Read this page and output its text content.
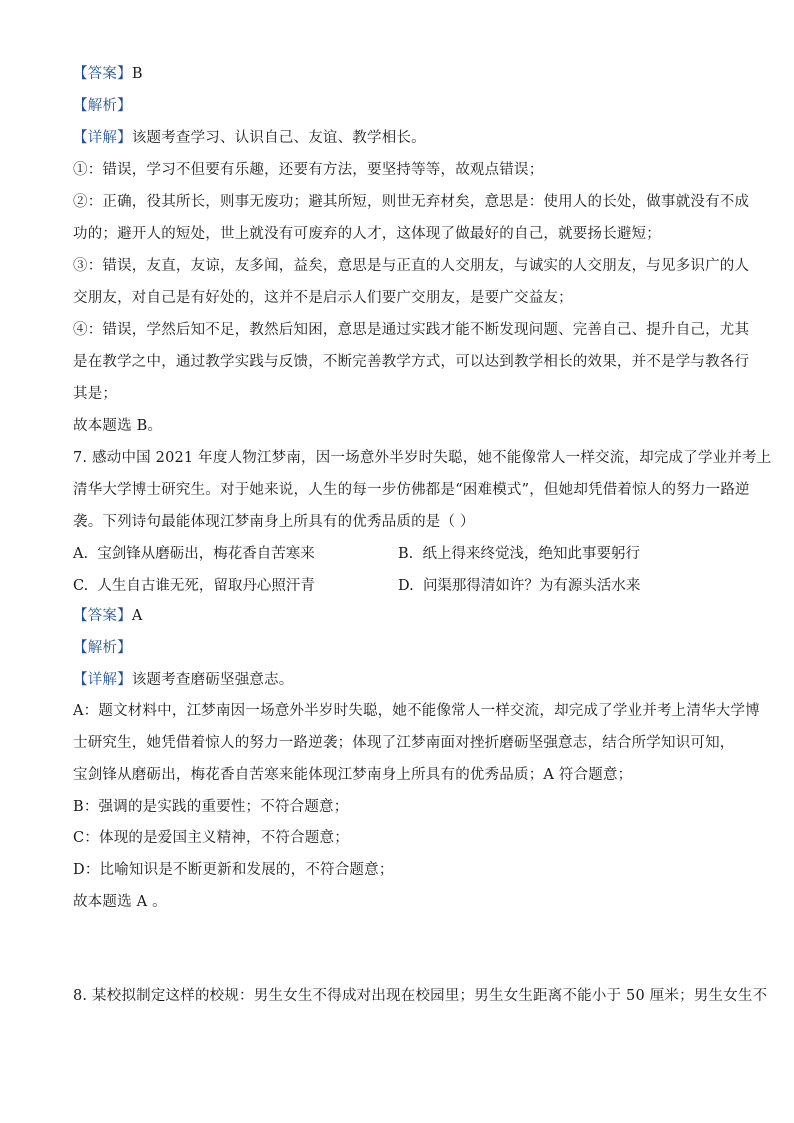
【答案】B
【解析】
【详解】该题考查学习、认识自己、友谊、教学相长。
①：错误，学习不但要有乐趣，还要有方法，要坚持等等，故观点错误；
②：正确，役其所长，则事无废功；避其所短，则世无弃材矣，意思是：使用人的长处，做事就没有不成
功的；避开人的短处，世上就没有可废弃的人才，这体现了做最好的自己，就要扬长避短；
③：错误，友直，友谅，友多闻，益矣，意思是与正直的人交朋友，与诚实的人交朋友，与见多识广的人
交朋友，对自己是有好处的，这并不是启示人们要广交朋友，是要广交益友；
④：错误，学然后知不足，教然后知困，意思是通过实践才能不断发现问题、完善自己、提升自己，尤其
是在教学之中，通过教学实践与反馈，不断完善教学方式，可以达到教学相长的效果，并不是学与教各行
其是；
故本题选 B。
7. 感动中国 2021 年度人物江梦南，因一场意外半岁时失聪，她不能像常人一样交流，却完成了学业并考上
清华大学博士研究生。对于她来说，人生的每一步仿佛都是“困难模式”，但她却凭借着惊人的努力一路逆
袭。下列诗句最能体现江梦南身上所具有的优秀品质的是（ ）
A. 宝剑锋从磨砺出，梅花香自苦寒来	B. 纸上得来终觉浅，绝知此事要躬行
C. 人生自古谁无死，留取丹心照汗青	D. 问渠那得清如许？为有源头活水来
【答案】A
【解析】
【详解】该题考查磨砺坚强意志。
A：题文材料中，江梦南因一场意外半岁时失聪，她不能像常人一样交流，却完成了学业并考上清华大学博
士研究生，她凭借着惊人的努力一路逆袭；体现了江梦南面对挫折磨砺坚强意志，结合所学知识可知，
宝剑锋从磨砺出，梅花香自苦寒来能体现江梦南身上所具有的优秀品质；A 符合题意；
B：强调的是实践的重要性；不符合题意；
C：体现的是爱国主义精神，不符合题意；
D：比喻知识是不断更新和发展的，不符合题意；
故本题选 A 。
8. 某校拟制定这样的校规：男生女生不得成对出现在校园里；男生女生距离不能小于 50 厘米；男生女生不
